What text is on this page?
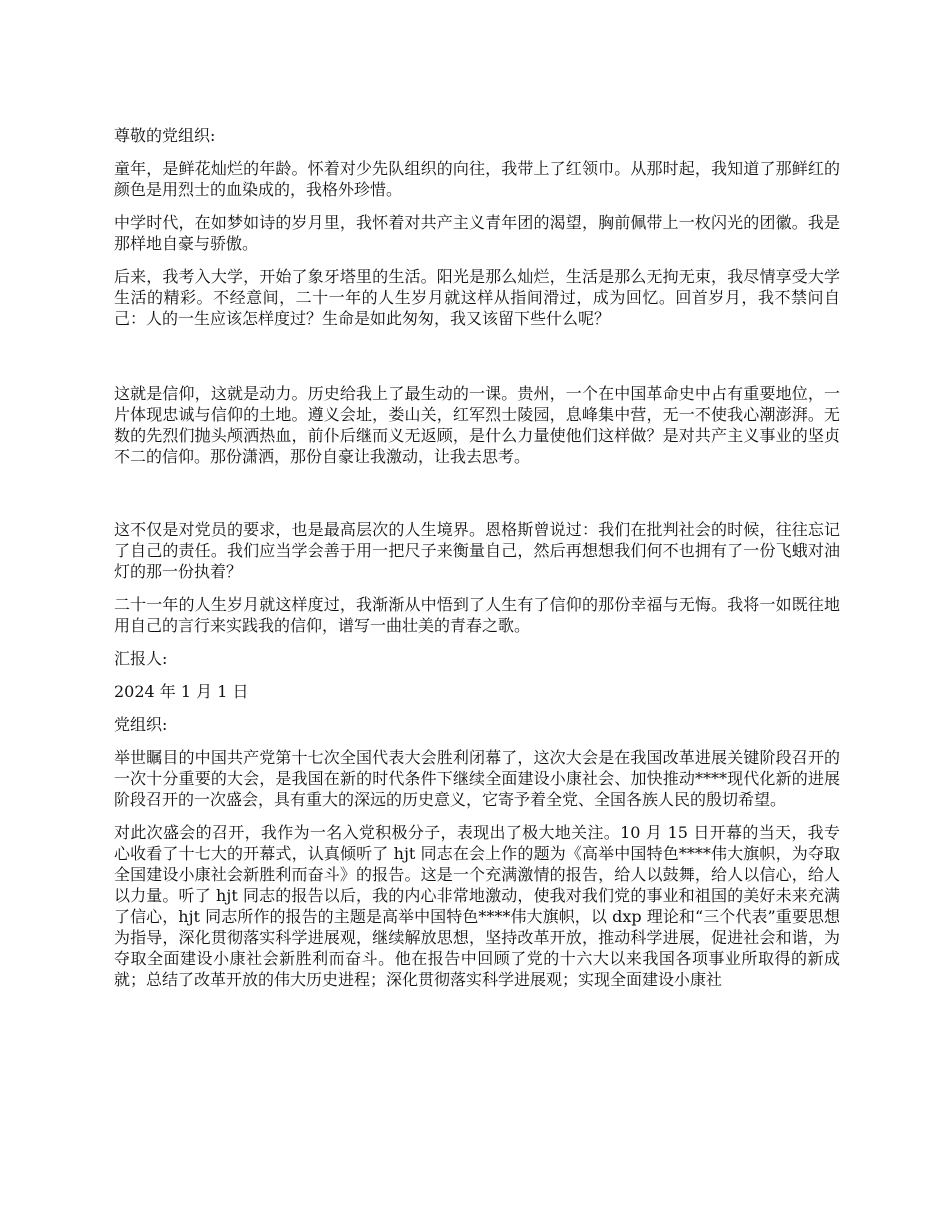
尊敬的党组织:

童年，是鲜花灿烂的年龄。怀着对少先队组织的向往，我带上了红领巾。从那时起，我知道了那鲜红的颜色是用烈士的血染成的，我格外珍惜。

中学时代，在如梦如诗的岁月里，我怀着对共产主义青年团的渴望，胸前佩带上一枚闪光的团徽。我是那样地自豪与骄傲。

后来，我考入大学，开始了象牙塔里的生活。阳光是那么灿烂，生活是那么无拘无束，我尽情享受大学生活的精彩。不经意间，二十一年的人生岁月就这样从指间滑过，成为回忆。回首岁月，我不禁问自己：人的一生应该怎样度过？生命是如此匆匆，我又该留下些什么呢？

这就是信仰，这就是动力。历史给我上了最生动的一课。贵州，一个在中国革命史中占有重要地位，一片体现忠诚与信仰的土地。遵义会址，娄山关，红军烈士陵园，息峰集中营，无一不使我心潮澎湃。无数的先烈们抛头颅洒热血，前仆后继而义无返顾，是什么力量使他们这样做？是对共产主义事业的坚贞不二的信仰。那份潇洒，那份自豪让我激动，让我去思考。

这不仅是对党员的要求，也是最高层次的人生境界。恩格斯曾说过：我们在批判社会的时候，往往忘记了自己的责任。我们应当学会善于用一把尺子来衡量自己，然后再想想我们何不也拥有了一份飞蛾对油灯的那一份执着？

二十一年的人生岁月就这样度过，我渐渐从中悟到了人生有了信仰的那份幸福与无悔。我将一如既往地用自己的言行来实践我的信仰，谱写一曲壮美的青春之歌。

汇报人:

2024 年 1 月 1 日

党组织:

举世瞩目的中国共产党第十七次全国代表大会胜利闭幕了，这次大会是在我国改革进展关键阶段召开的一次十分重要的大会，是我国在新的时代条件下继续全面建设小康社会、加快推动****现代化新的进展阶段召开的一次盛会，具有重大的深远的历史意义，它寄予着全党、全国各族人民的殷切希望。

对此次盛会的召开，我作为一名入党积极分子，表现出了极大地关注。10 月 15 日开幕的当天，我专心收看了十七大的开幕式，认真倾听了 hjt 同志在会上作的题为《高举中国特色****伟大旗帜，为夺取全国建设小康社会新胜利而奋斗》的报告。这是一个充满激情的报告，给人以鼓舞，给人以信心，给人以力量。听了 hjt 同志的报告以后，我的内心非常地激动，使我对我们党的事业和祖国的美好未来充满了信心，hjt 同志所作的报告的主题是高举中国特色****伟大旗帜，以 dxp 理论和“三个代表”重要思想为指导，深化贯彻落实科学进展观，继续解放思想，坚持改革开放，推动科学进展，促进社会和谐，为夺取全面建设小康社会新胜利而奋斗。他在报告中回顾了党的十六大以来我国各项事业所取得的新成就；总结了改革开放的伟大历史进程；深化贯彻落实科学进展观；实现全面建设小康社
